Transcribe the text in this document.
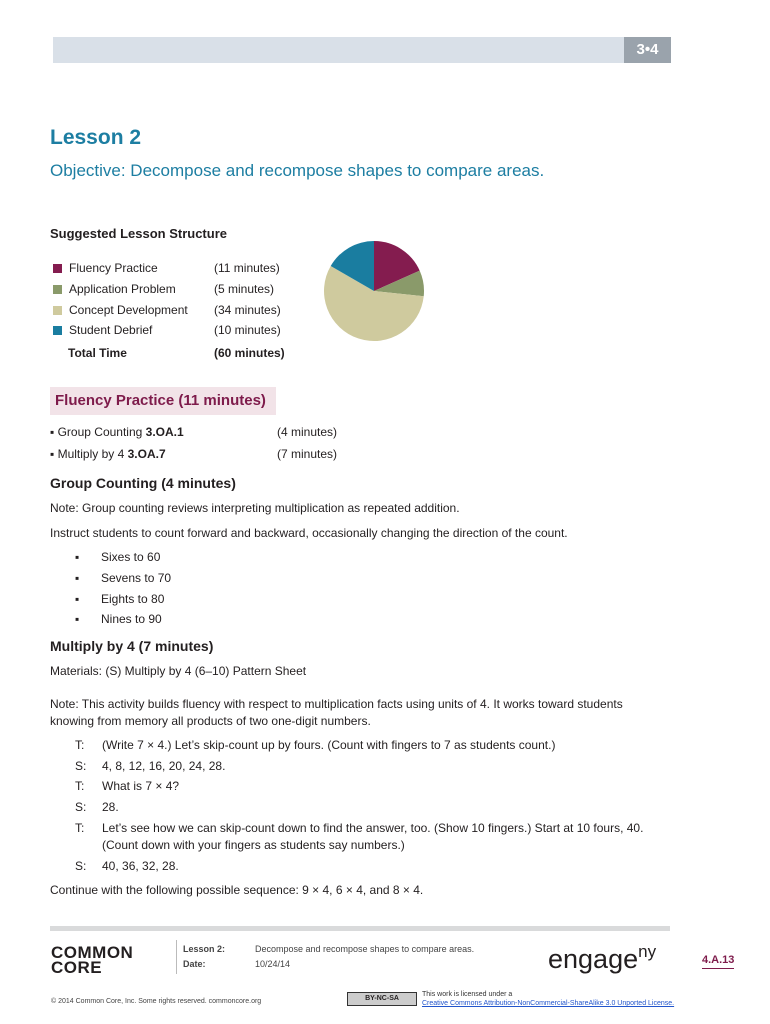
3•4
Lesson 2
Objective: Decompose and recompose shapes to compare areas.
Suggested Lesson Structure
Fluency Practice	(11 minutes)
Application Problem	(5 minutes)
Concept Development	(34 minutes)
Student Debrief	(10 minutes)
Total Time	(60 minutes)
Fluency Practice (11 minutes)
▪ Group Counting 3.OA.1	(4 minutes)
▪ Multiply by 4 3.OA.7	(7 minutes)
Group Counting (4 minutes)
Note: Group counting reviews interpreting multiplication as repeated addition.
Instruct students to count forward and backward, occasionally changing the direction of the count.
▪ Sixes to 60
▪ Sevens to 70
▪ Eights to 80
▪ Nines to 90
Multiply by 4 (7 minutes)
Materials: (S) Multiply by 4 (6–10) Pattern Sheet
Note: This activity builds fluency with respect to multiplication facts using units of 4. It works toward students knowing from memory all products of two one-digit numbers.
T:	(Write 7 × 4.) Let’s skip-count up by fours. (Count with fingers to 7 as students count.)
S:	4, 8, 12, 16, 20, 24, 28.
T:	What is 7 × 4?
S:	28.
T:	Let’s see how we can skip-count down to find the answer, too. (Show 10 fingers.) Start at 10 fours, 40. (Count down with your fingers as students say numbers.)
S:	40, 36, 32, 28.
Continue with the following possible sequence: 9 × 4, 6 × 4, and 8 × 4.
COMMON
CORE
Lesson 2:	Decompose and recompose shapes to compare areas.
Date:	10/24/14	engage$^{ny}$	4.A.13
© 2014 Common Core, Inc. Some rights reserved. commoncore.org	BY-NC-SA
This work is licensed under a
Creative Commons Attribution-NonCommercial-ShareAlike 3.0 Unported License.
